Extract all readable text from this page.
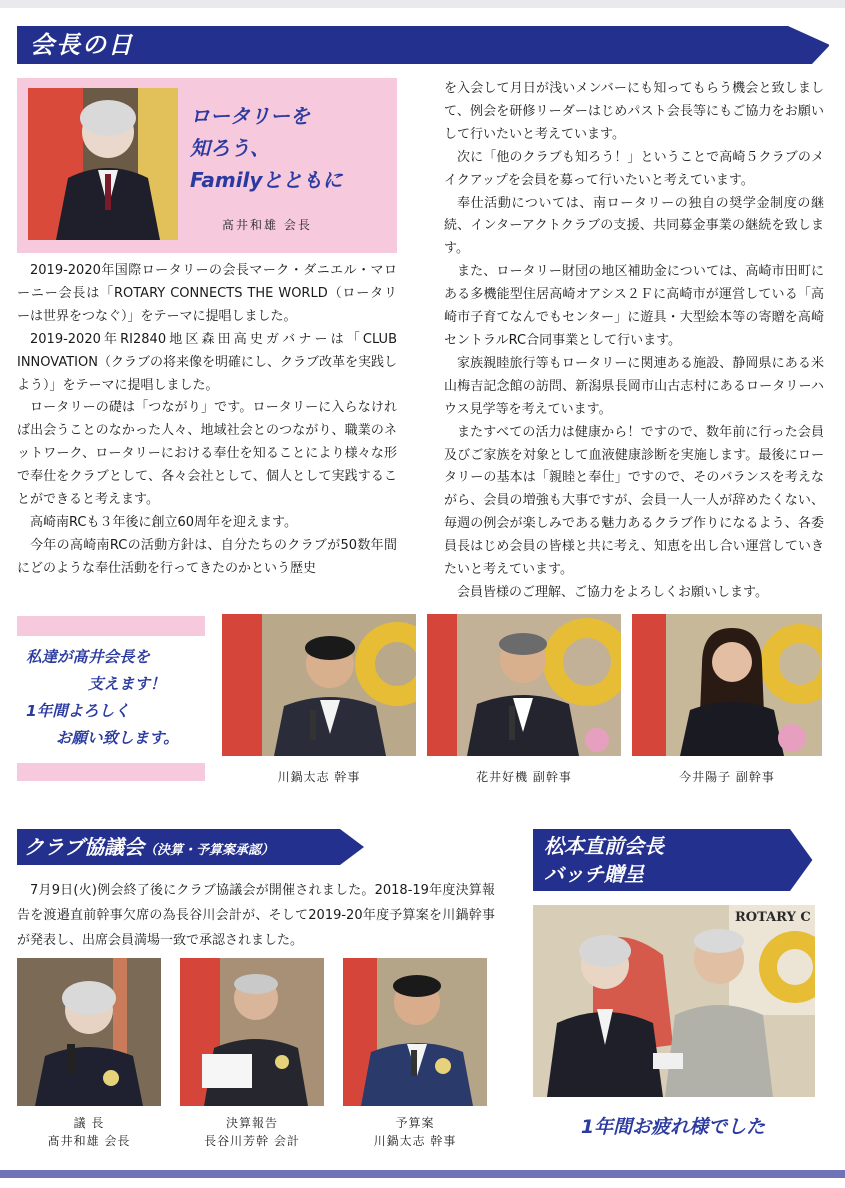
会長の日
ロータリーを
知ろう、
Familyとともに
髙井和雄 会長

2019-2020年国際ロータリーの会長マーク・ダニエル・マローニー会長は「ROTARY CONNECTS THE WORLD（ロータリーは世界をつなぐ）」をテーマに提唱しました。

2019-2020年RI2840地区森田高史ガバナーは「CLUB INNOVATION（クラブの将来像を明確にし、クラブ改革を実践しよう）」をテーマに提唱しました。

ロータリーの礎は「つながり」です。ロータリーに入らなければ出会うことのなかった人々、地域社会とのつながり、職業のネットワーク、ロータリーにおける奉仕を知ることにより様々な形で奉仕をクラブとして、各々会社として、個人として実践することができると考えます。

高崎南RCも３年後に創立60周年を迎えます。

今年の高崎南RCの活動方針は、自分たちのクラブが50数年間にどのような奉仕活動を行ってきたのかという歴史

を入会して月日が浅いメンバーにも知ってもらう機会と致しまして、例会を研修リーダーはじめパスト会長等にもご協力をお願いして行いたいと考えています。

次に「他のクラブも知ろう！」ということで高崎５クラブのメイクアップを会員を募って行いたいと考えています。

奉仕活動については、南ロータリーの独自の奨学金制度の継続、インターアクトクラブの支援、共同募金事業の継続を致します。

また、ロータリー財団の地区補助金については、高崎市田町にある多機能型住居高崎オアシス２Ｆに高崎市が運営している「高崎市子育てなんでもセンター」に遊具・大型絵本等の寄贈を高崎セントラルRC合同事業として行います。

家族親睦旅行等もロータリーに関連ある施設、静岡県にある米山梅吉記念館の訪問、新潟県長岡市山古志村にあるロータリーハウス見学等を考えています。

またすべての活力は健康から！ですので、数年前に行った会員及びご家族を対象として血液健康診断を実施します。最後にロータリーの基本は「親睦と奉仕」ですので、そのバランスを考えながら、会員の増強も大事ですが、会員一人一人が辞めたくない、毎週の例会が楽しみである魅力あるクラブ作りになるよう、各委員長はじめ会員の皆様と共に考え、知恵を出し合い運営していきたいと考えています。

会員皆様のご理解、ご協力をよろしくお願いします。

私達が髙井会長を
支えます！
1年間よろしく
お願い致します。
川鍋太志 幹事	花井好機 副幹事	今井陽子 副幹事
クラブ協議会（決算・予算案承認）

7月9日(火)例会終了後にクラブ協議会が開催されました。2018-19年度決算報告を渡邉直前幹事欠席の為長谷川会計が、そして2019-20年度予算案を川鍋幹事が発表し、出席会員満場一致で承認されました。

議 長
髙井和雄 会長
決算報告
長谷川芳幹 会計
予算案
川鍋太志 幹事
松本直前会長
バッチ贈呈
ROTARY C
1年間お疲れ様でした
